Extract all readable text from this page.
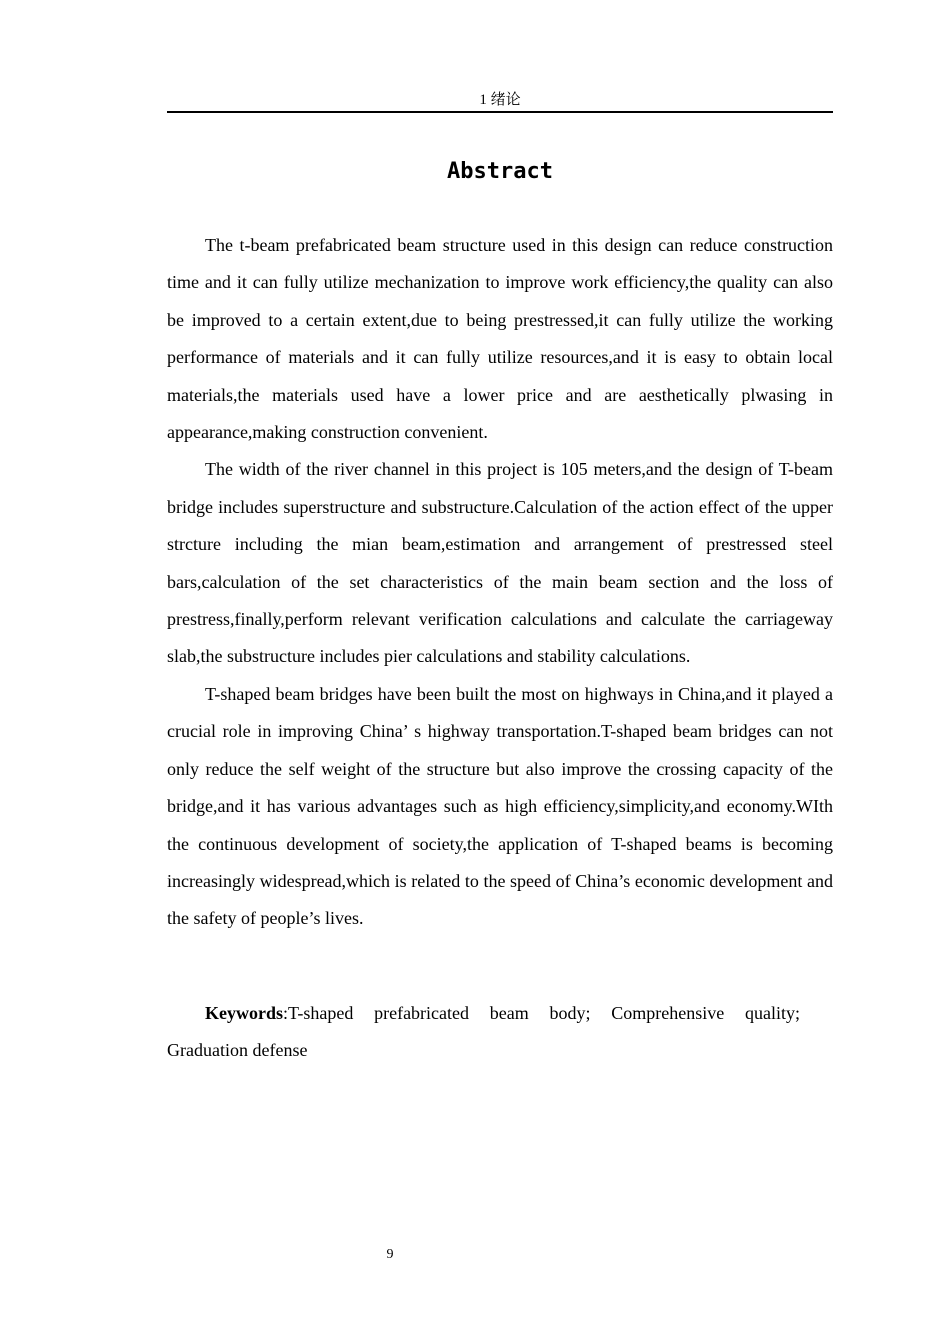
1 绪论
Abstract

The t-beam prefabricated beam structure used in this design can reduce construction time and it can fully utilize mechanization to improve work efficiency,the quality can also be improved to a certain extent,due to being prestressed,it can fully utilize the working performance of materials and it can fully utilize resources,and it is easy to obtain local materials,the materials used have a lower price and are aesthetically plwasing in appearance,making construction convenient.

The width of the river channel in this project is 105 meters,and the design of T-beam bridge includes superstructure and substructure.Calculation of the action effect of the upper strcture including the mian beam,estimation and arrangement of prestressed steel bars,calculation of the set characteristics of the main beam section and the loss of prestress,finally,perform relevant verification calculations and calculate the carriageway slab,the substructure includes pier calculations and stability calculations.

T-shaped beam bridges have been built the most on highways in China,and it played a crucial role in improving China’ s highway transportation.T-shaped beam bridges can not only reduce the self weight of the structure but also improve the crossing capacity of the bridge,and it has various advantages such as high efficiency,simplicity,and economy.WIth the continuous development of society,the application of T-shaped beams is becoming increasingly widespread,which is related to the speed of China’s economic development and the safety of people’s lives.

Keywords:T-shaped prefabricated beam body; Comprehensive quality; Graduation defense

9
